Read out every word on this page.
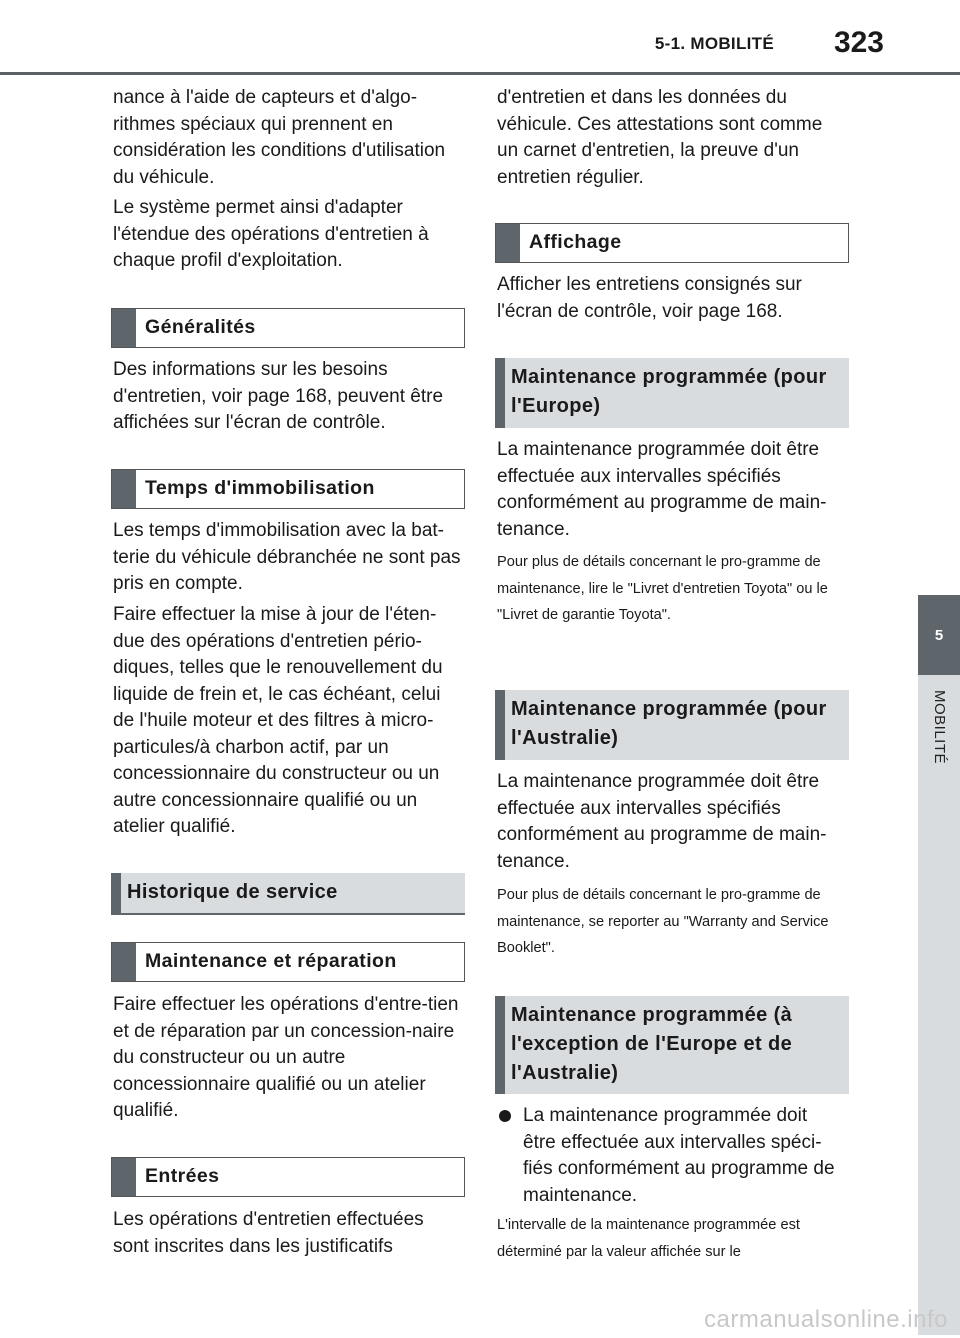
5-1. MOBILITÉ 323
5
MOBILITÉ

nance à l'aide de capteurs et d'algo-rithmes spéciaux qui prennent en considération les conditions d'utilisation du véhicule.

Le système permet ainsi d'adapter l'étendue des opérations d'entretien à chaque profil d'exploitation.

Généralités

Des informations sur les besoins d'entretien, voir page 168, peuvent être affichées sur l'écran de contrôle.

Temps d'immobilisation

Les temps d'immobilisation avec la bat-terie du véhicule débranchée ne sont pas pris en compte.

Faire effectuer la mise à jour de l'éten-due des opérations d'entretien pério-diques, telles que le renouvellement du liquide de frein et, le cas échéant, celui de l'huile moteur et des filtres à micro-particules/à charbon actif, par un concessionnaire du constructeur ou un autre concessionnaire qualifié ou un atelier qualifié.

Historique de service
Maintenance et réparation

Faire effectuer les opérations d'entre-tien et de réparation par un concession-naire du constructeur ou un autre concessionnaire qualifié ou un atelier qualifié.

Entrées

Les opérations d'entretien effectuées sont inscrites dans les justificatifs

d'entretien et dans les données du véhicule. Ces attestations sont comme un carnet d'entretien, la preuve d'un entretien régulier.

Affichage

Afficher les entretiens consignés sur l'écran de contrôle, voir page 168.

Maintenance programmée (pour l'Europe)

La maintenance programmée doit être effectuée aux intervalles spécifiés conformément au programme de main-tenance.

Pour plus de détails concernant le pro-gramme de maintenance, lire le "Livret d'entretien Toyota" ou le "Livret de garantie Toyota".

Maintenance programmée (pour l'Australie)

La maintenance programmée doit être effectuée aux intervalles spécifiés conformément au programme de main-tenance.

Pour plus de détails concernant le pro-gramme de maintenance, se reporter au "Warranty and Service Booklet".

Maintenance programmée (à l'exception de l'Europe et de l'Australie)
La maintenance programmée doit être effectuée aux intervalles spéci-fiés conformément au programme de maintenance.

L'intervalle de la maintenance programmée est déterminé par la valeur affichée sur le

carmanualsonline.info
